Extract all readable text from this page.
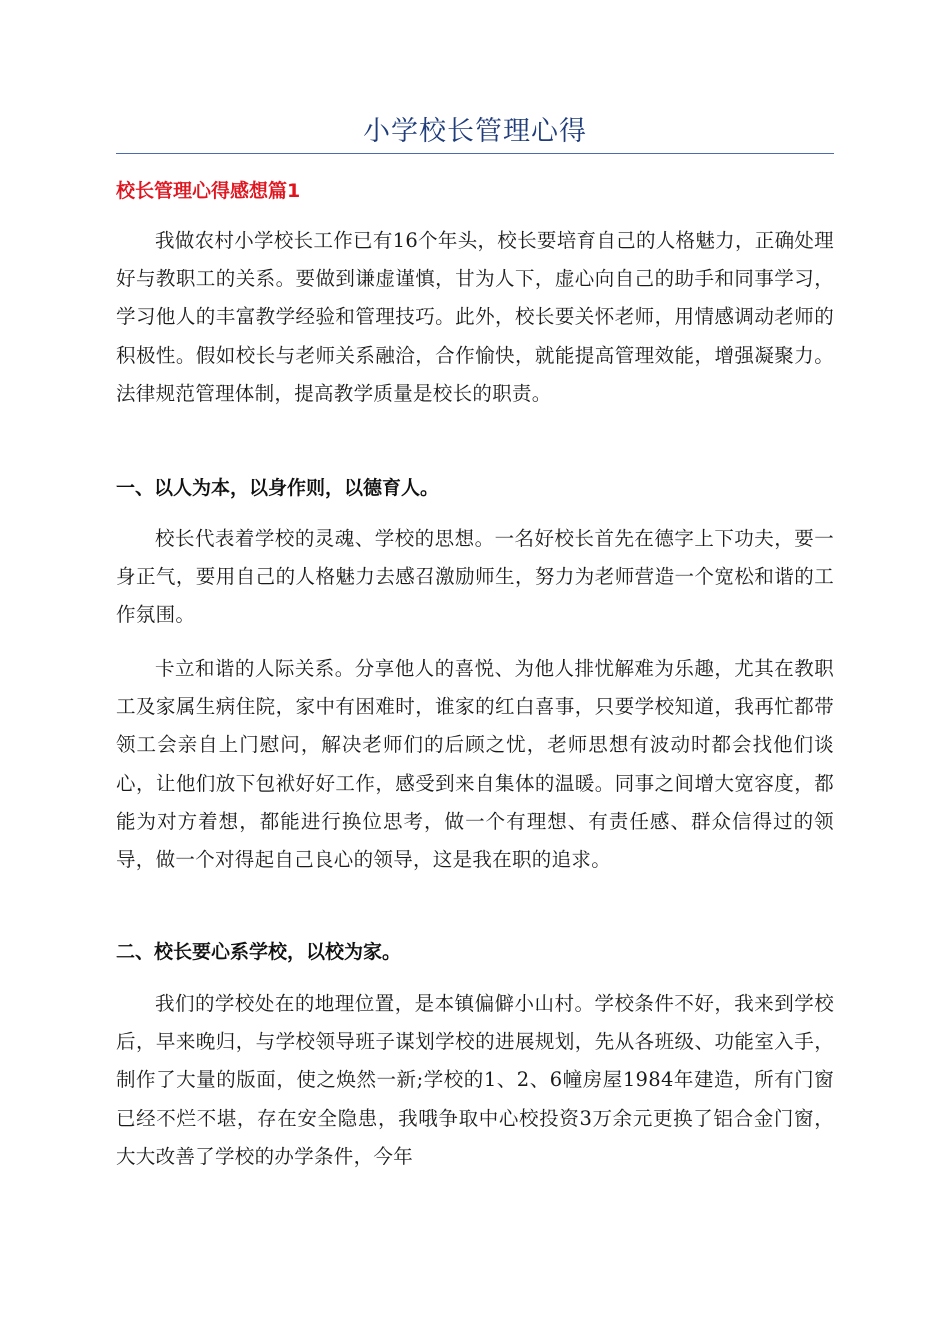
小学校长管理心得
校长管理心得感想篇1

我做农村小学校长工作已有16个年头，校长要培育自己的人格魅力，正确处理好与教职工的关系。要做到谦虚谨慎，甘为人下，虚心向自己的助手和同事学习，学习他人的丰富教学经验和管理技巧。此外，校长要关怀老师，用情感调动老师的积极性。假如校长与老师关系融洽，合作愉快，就能提高管理效能，增强凝聚力。法律规范管理体制，提高教学质量是校长的职责。

一、以人为本，以身作则，以德育人。

校长代表着学校的灵魂、学校的思想。一名好校长首先在德字上下功夫，要一身正气，要用自己的人格魅力去感召激励师生，努力为老师营造一个宽松和谐的工作氛围。

卡立和谐的人际关系。分享他人的喜悦、为他人排忧解难为乐趣，尤其在教职工及家属生病住院，家中有困难时，谁家的红白喜事，只要学校知道，我再忙都带领工会亲自上门慰问，解决老师们的后顾之忧，老师思想有波动时都会找他们谈心，让他们放下包袱好好工作，感受到来自集体的温暖。同事之间增大宽容度，都能为对方着想，都能进行换位思考，做一个有理想、有责任感、群众信得过的领导，做一个对得起自己良心的领导，这是我在职的追求。

二、校长要心系学校，以校为家。

我们的学校处在的地理位置，是本镇偏僻小山村。学校条件不好，我来到学校后，早来晚归，与学校领导班子谋划学校的进展规划，先从各班级、功能室入手，制作了大量的版面，使之焕然一新;学校的1、2、6幢房屋1984年建造，所有门窗已经不烂不堪，存在安全隐患，我哦争取中心校投资3万余元更换了铝合金门窗，大大改善了学校的办学条件，今年
